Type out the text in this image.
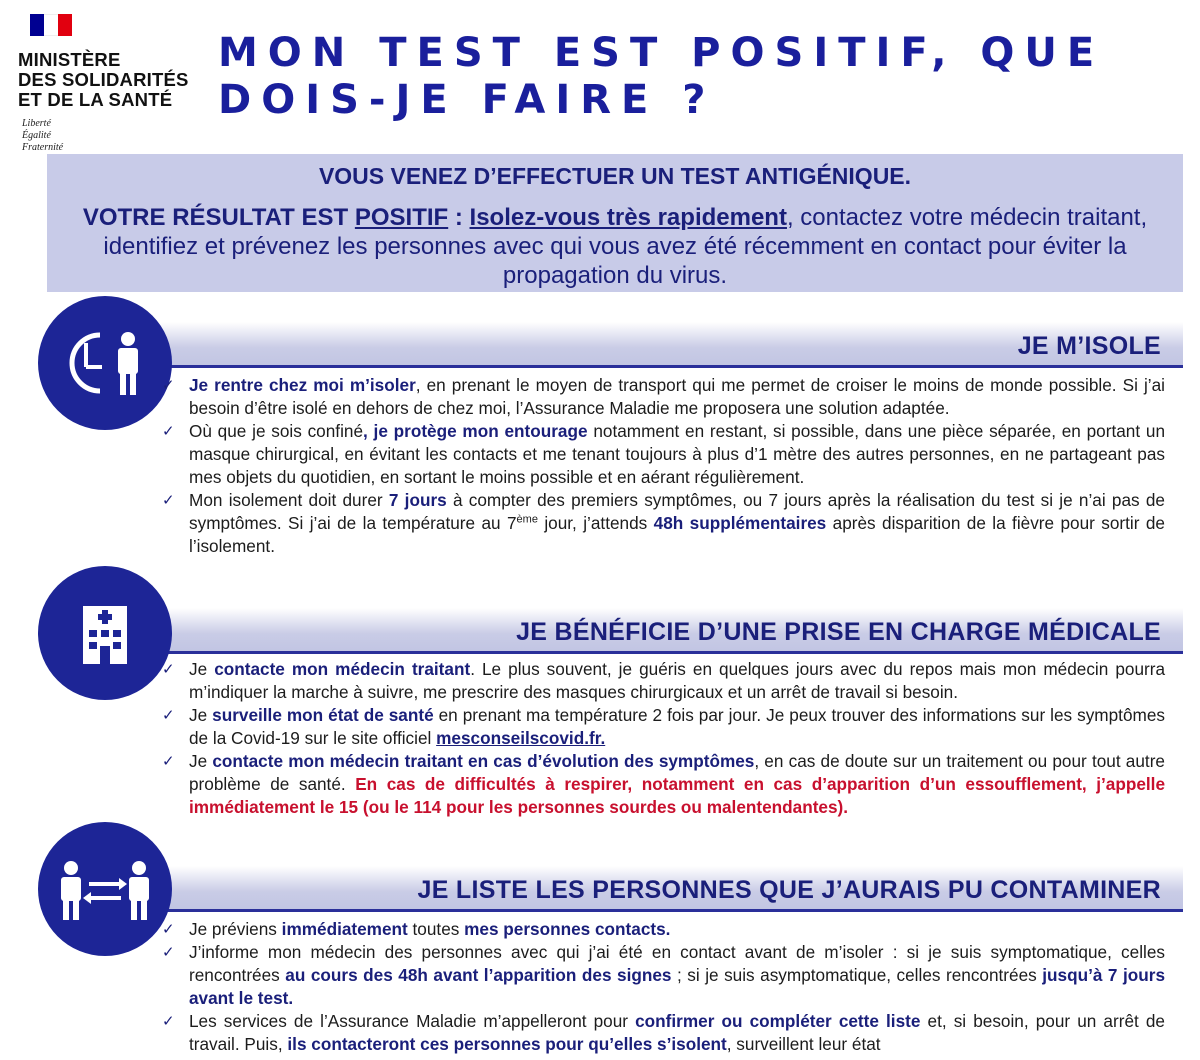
MINISTÈRE
DES SOLIDARITÉS
ET DE LA SANTÉ
Liberté
Égalité
Fraternité
MON TEST EST POSITIF, QUE
DOIS-JE FAIRE ?
VOUS VENEZ D’EFFECTUER UN TEST ANTIGÉNIQUE.
VOTRE RÉSULTAT EST POSITIF : Isolez-vous très rapidement, contactez votre médecin traitant, identifiez et prévenez les personnes avec qui vous avez été récemment en contact pour éviter la propagation du virus.
JE M’ISOLE
✓ Je rentre chez moi m’isoler, en prenant le moyen de transport qui me permet de croiser le moins de monde possible. Si j’ai besoin d’être isolé en dehors de chez moi, l’Assurance Maladie me proposera une solution adaptée.
✓ Où que je sois confiné, je protège mon entourage notamment en restant, si possible, dans une pièce séparée, en portant un masque chirurgical, en évitant les contacts et me tenant toujours à plus d’1 mètre des autres personnes, en ne partageant pas mes objets du quotidien, en sortant le moins possible et en aérant régulièrement.
✓ Mon isolement doit durer 7 jours à compter des premiers symptômes, ou 7 jours après la réalisation du test si je n’ai pas de symptômes. Si j’ai de la température au 7ème jour, j’attends 48h supplémentaires après disparition de la fièvre pour sortir de l’isolement.
JE BÉNÉFICIE D’UNE PRISE EN CHARGE MÉDICALE
✓ Je contacte mon médecin traitant. Le plus souvent, je guéris en quelques jours avec du repos mais mon médecin pourra m’indiquer la marche à suivre, me prescrire des masques chirurgicaux et un arrêt de travail si besoin.
✓ Je surveille mon état de santé en prenant ma température 2 fois par jour. Je peux trouver des informations sur les symptômes de la Covid-19 sur le site officiel mesconseilscovid.fr.
✓ Je contacte mon médecin traitant en cas d’évolution des symptômes, en cas de doute sur un traitement ou pour tout autre problème de santé. En cas de difficultés à respirer, notamment en cas d’apparition d’un essoufflement, j’appelle immédiatement le 15 (ou le 114 pour les personnes sourdes ou malentendantes).
JE LISTE LES PERSONNES QUE J’AURAIS PU CONTAMINER
✓ Je préviens immédiatement toutes mes personnes contacts.
✓ J’informe mon médecin des personnes avec qui j’ai été en contact avant de m’isoler : si je suis symptomatique, celles rencontrées au cours des 48h avant l’apparition des signes ; si je suis asymptomatique, celles rencontrées jusqu’à 7 jours avant le test.
✓ Les services de l’Assurance Maladie m’appelleront pour confirmer ou compléter cette liste et, si besoin, pour un arrêt de travail. Puis, ils contacteront ces personnes pour qu’elles s’isolent, surveillent leur état
